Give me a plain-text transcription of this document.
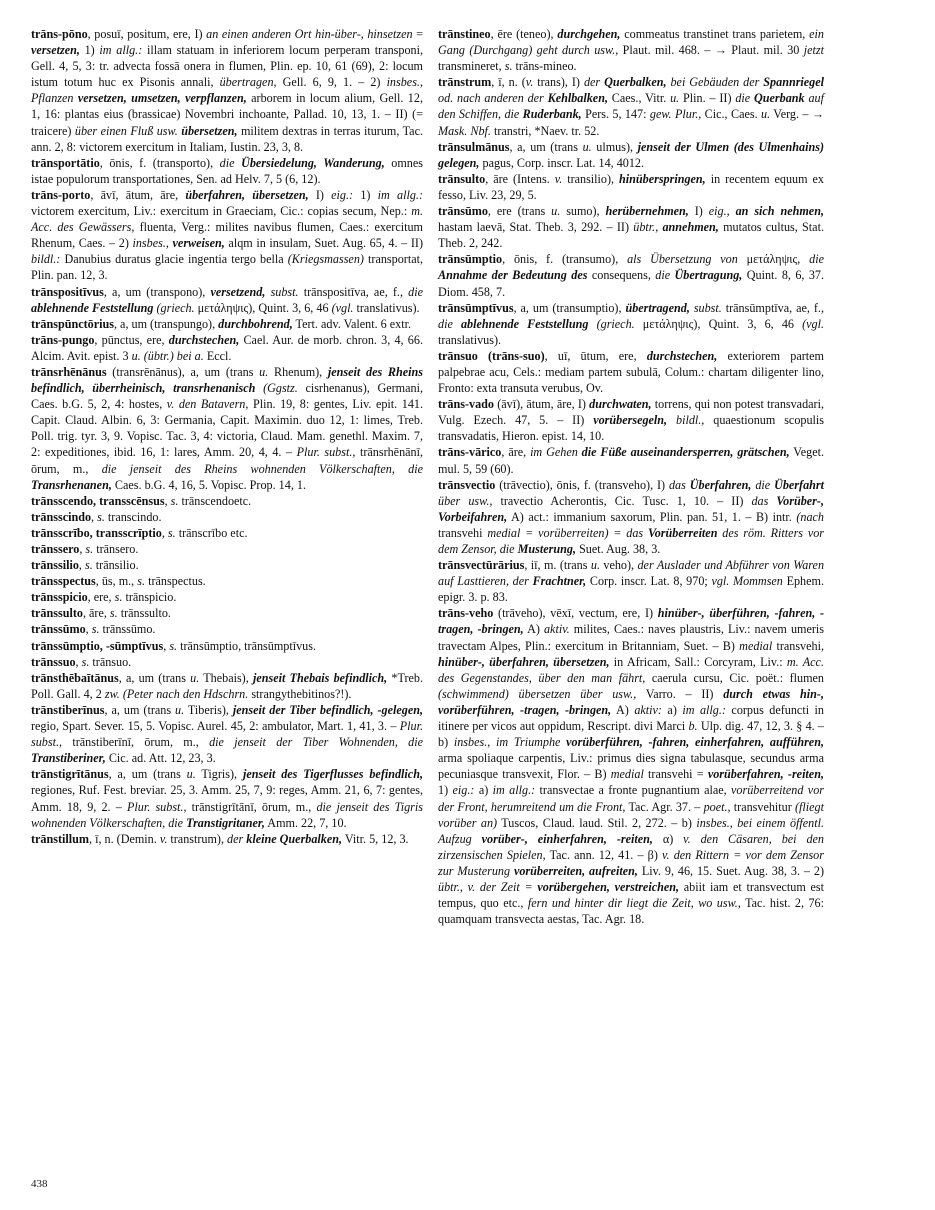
trāns-pōno, posuī, positum, ere, I) an einen anderen Ort hin-über-, hinsetzen = versetzen, 1) im allg.: illam statuam in inferiorem locum perperam transponi, Gell. 4, 5, 3: tr. advecta fossā onera in flumen, Plin. ep. 10, 61 (69), 2: locum istum totum huc ex Pisonis annali, übertragen, Gell. 6, 9, 1. – 2) insbes., Pflanzen versetzen, umsetzen, verpflanzen, arborem in locum alium, Gell. 12, 1, 16: plantas eius (brassicae) Novembri inchoante, Pallad. 10, 13, 1. – II) (= traicere) über einen Fluß usw. übersetzen, militem dextras in terras iturum, Tac. ann. 2, 8: victorem exercitum in Italiam, Iustin. 23, 3, 8.

trānsportātio, ōnis, f. (transporto), die Übersiedelung, Wanderung, omnes istae populorum transportationes, Sen. ad Helv. 7, 5 (6, 12).

trāns-porto, āvī, ātum, āre, überfahren, übersetzen, I) eig.: 1) im allg.: victorem exercitum, Liv.: exercitum in Graeciam, Cic.: copias secum, Nep.: m. Acc. des Gewässers, fluenta, Verg.: milites navibus flumen, Caes.: exercitum Rhenum, Caes. – 2) insbes., verweisen, alqm in insulam, Suet. Aug. 65, 4. – II) bildl.: Danubius duratus glacie ingentia tergo bella (Kriegsmassen) transportat, Plin. pan. 12, 3.

trānspositīvus, a, um (transpono), versetzend, subst. trānspositīva, ae, f., die ablehnende Feststellung (griech. μετάληψις), Quint. 3, 6, 46 (vgl. translativus).

trānspūnctōrius, a, um (transpungo), durchbohrend, Tert. adv. Valent. 6 extr.

trāns-pungo, pūnctus, ere, durchstechen, Cael. Aur. de morb. chron. 3, 4, 66. Alcim. Avit. epist. 3 u. (übtr.) bei a. Eccl.

trānsrhēnānus (transrēnānus), a, um (trans u. Rhenum), jenseit des Rheins befindlich, überrheinisch, transrhenanisch (Ggstz. cisrhenanus), Germani, Caes. b.G. 5, 2, 4: hostes, v. den Batavern, Plin. 19, 8: gentes, Liv. epit. 141. Capit. Claud. Albin. 6, 3: Germania, Capit. Maximin. duo 12, 1: limes, Treb. Poll. trig. tyr. 3, 9. Vopisc. Tac. 3, 4: victoria, Claud. Mam. genethl. Maxim. 7, 2: expeditiones, ibid. 16, 1: lares, Amm. 20, 4, 4. – Plur. subst., trānsrhēnānī, ōrum, m., die jenseit des Rheins wohnenden Völkerschaften, die Transrhenanen, Caes. b.G. 4, 16, 5. Vopisc. Prop. 14, 1.

trānsscendo, transscēnsus, s. trānscendoetc.

trānsscindo, s. transcindo.

trānsscrībo, transscrīptio, s. trānscrībo etc.

trānssero, s. trānsero.

trānssilio, s. trānsilio.

trānsspectus, ūs, m., s. trānspectus.

trānsspicio, ere, s. trānspicio.

trānssulto, āre, s. trānssulto.

trānssūmo, s. trānssūmo.

trānssūmptio, -sūmptīvus, s. trānsūmptio, trānsūmptīvus.

trānssuo, s. trānsuo.

trānsthēbaītānus, a, um (trans u. Thebais), jenseit Thebais befindlich, *Treb. Poll. Gall. 4, 2 zw. (Peter nach den Hdschrn. strangythebitinos?!).

trānstiberīnus, a, um (trans u. Tiberis), jenseit der Tiber befindlich, -gelegen, regio, Spart. Sever. 15, 5. Vopisc. Aurel. 45, 2: ambulator, Mart. 1, 41, 3. – Plur. subst., trānstiberīnī, ōrum, m., die jenseit der Tiber Wohnenden, die Transtiberiner, Cic. ad. Att. 12, 23, 3.

trānstigrītānus, a, um (trans u. Tigris), jenseit des Tigerflusses befindlich, regiones, Ruf. Fest. breviar. 25, 3. Amm. 25, 7, 9: reges, Amm. 21, 6, 7: gentes, Amm. 18, 9, 2. – Plur. subst., trānstigrītānī, ōrum, m., die jenseit des Tigris wohnenden Völkerschaften, die Transtigritaner, Amm. 22, 7, 10.

trānstillum, ī, n. (Demin. v. transtrum), der kleine Querbalken, Vitr. 5, 12, 3.

trānstineo, ēre (teneo), durchgehen, commeatus transtinet trans parietem, ein Gang (Durchgang) geht durch usw., Plaut. mil. 468. – → Plaut. mil. 30 jetzt transmineret, s. trāns-mineo.

trānstrum, ī, n. (v. trans), I) der Querbalken, bei Gebäuden der Spannriegel od. nach anderen der Kehlbalken, Caes., Vitr. u. Plin. – II) die Querbank auf den Schiffen, die Ruderbank, Pers. 5, 147: gew. Plur., Cic., Caes. u. Verg. – → Mask. Nbf. transtri, *Naev. tr. 52.

trānsulmānus, a, um (trans u. ulmus), jenseit der Ulmen (des Ulmenhains) gelegen, pagus, Corp. inscr. Lat. 14, 4012.

trānsulto, āre (Intens. v. transilio), hinüberspringen, in recentem equum ex fesso, Liv. 23, 29, 5.

trānsūmo, ere (trans u. sumo), herübernehmen, I) eig., an sich nehmen, hastam laevā, Stat. Theb. 3, 292. – II) übtr., annehmen, mutatos cultus, Stat. Theb. 2, 242.

trānsūmptio, ōnis, f. (transumo), als Übersetzung von μετάληψις, die Annahme der Bedeutung des consequens, die Übertragung, Quint. 8, 6, 37. Diom. 458, 7.

trānsūmptīvus, a, um (transumptio), übertragend, subst. trānsūmptīva, ae, f., die ablehnende Feststellung (griech. μετάληψις), Quint. 3, 6, 46 (vgl. translativus).

trānsuo (trāns-suo), uī, ūtum, ere, durchstechen, exteriorem partem palpebrae acu, Cels.: mediam partem subulā, Colum.: chartam diligenter lino, Fronto: exta transuta verubus, Ov.

trāns-vado (āvī), ātum, āre, I) durchwaten, torrens, qui non potest transvadari, Vulg. Ezech. 47, 5. – II) vorübersegeln, bildl., quaestionum scopulis transvadatis, Hieron. epist. 14, 10.

trāns-vārico, āre, im Gehen die Füße auseinandersperren, grätschen, Veget. mul. 5, 59 (60).

trānsvectio (trāvectio), ōnis, f. (transveho), I) das Überfahren, die Überfahrt über usw., travectio Acherontis, Cic. Tusc. 1, 10. – II) das Vorüber-, Vorbeifahren, A) act.: immanium saxorum, Plin. pan. 51, 1. – B) intr. (nach transvehi medial = vorüberreiten) = das Vorüberreiten des röm. Ritters vor dem Zensor, die Musterung, Suet. Aug. 38, 3.

trānsvectūrārius, iī, m. (trans u. veho), der Auslader und Abführer von Waren auf Lasttieren, der Frachtner, Corp. inscr. Lat. 8, 970; vgl. Mommsen Ephem. epigr. 3. p. 83.

trāns-veho (trāveho), vēxī, vectum, ere, I) hinüber-, überführen, -fahren, -tragen, -bringen, A) aktiv. milites, Caes.: naves plaustris, Liv.: navem umeris travectam Alpes, Plin.: exercitum in Britanniam, Suet. – B) medial transvehi, hinüber-, überfahren, übersetzen, in Africam, Sall.: Corcyram, Liv.: m. Acc. des Gegenstandes, über den man fährt, caerula cursu, Cic. poët.: flumen (schwimmend) übersetzen über usw., Varro. – II) durch etwas hin-, vorüberführen, -tragen, -bringen, A) aktiv: a) im allg.: corpus defuncti in itinere per vicos aut oppidum, Rescript. divi Marci b. Ulp. dig. 47, 12, 3. § 4. – b) insbes., im Triumphe vorüberführen, -fahren, einherfahren, aufführen, arma spoliaque carpentis, Liv.: primus dies signa tabulasque, secundus arma pecuniasque transvexit, Flor. – B) medial transvehi = vorüberfahren, -reiten, 1) eig.: a) im allg.: transvectae a fronte pugnantium alae, vorüberreitend vor der Front, herumreitend um die Front, Tac. Agr. 37. – poet., transvehitur (fliegt vorüber an) Tuscos, Claud. laud. Stil. 2, 272. – b) insbes., bei einem öffentl. Aufzug vorüber-, einherfahren, -reiten, α) v. den Cäsaren, bei den zirzensischen Spielen, Tac. ann. 12, 41. – β) v. den Rittern = vor dem Zensor zur Musterung vorüberreiten, aufreiten, Liv. 9, 46, 15. Suet. Aug. 38, 3. – 2) übtr., v. der Zeit = vorübergehen, verstreichen, abiit iam et transvectum est tempus, quo etc., fern und hinter dir liegt die Zeit, wo usw., Tac. hist. 2, 76: quamquam transvecta aestas, Tac. Agr. 18.

438
